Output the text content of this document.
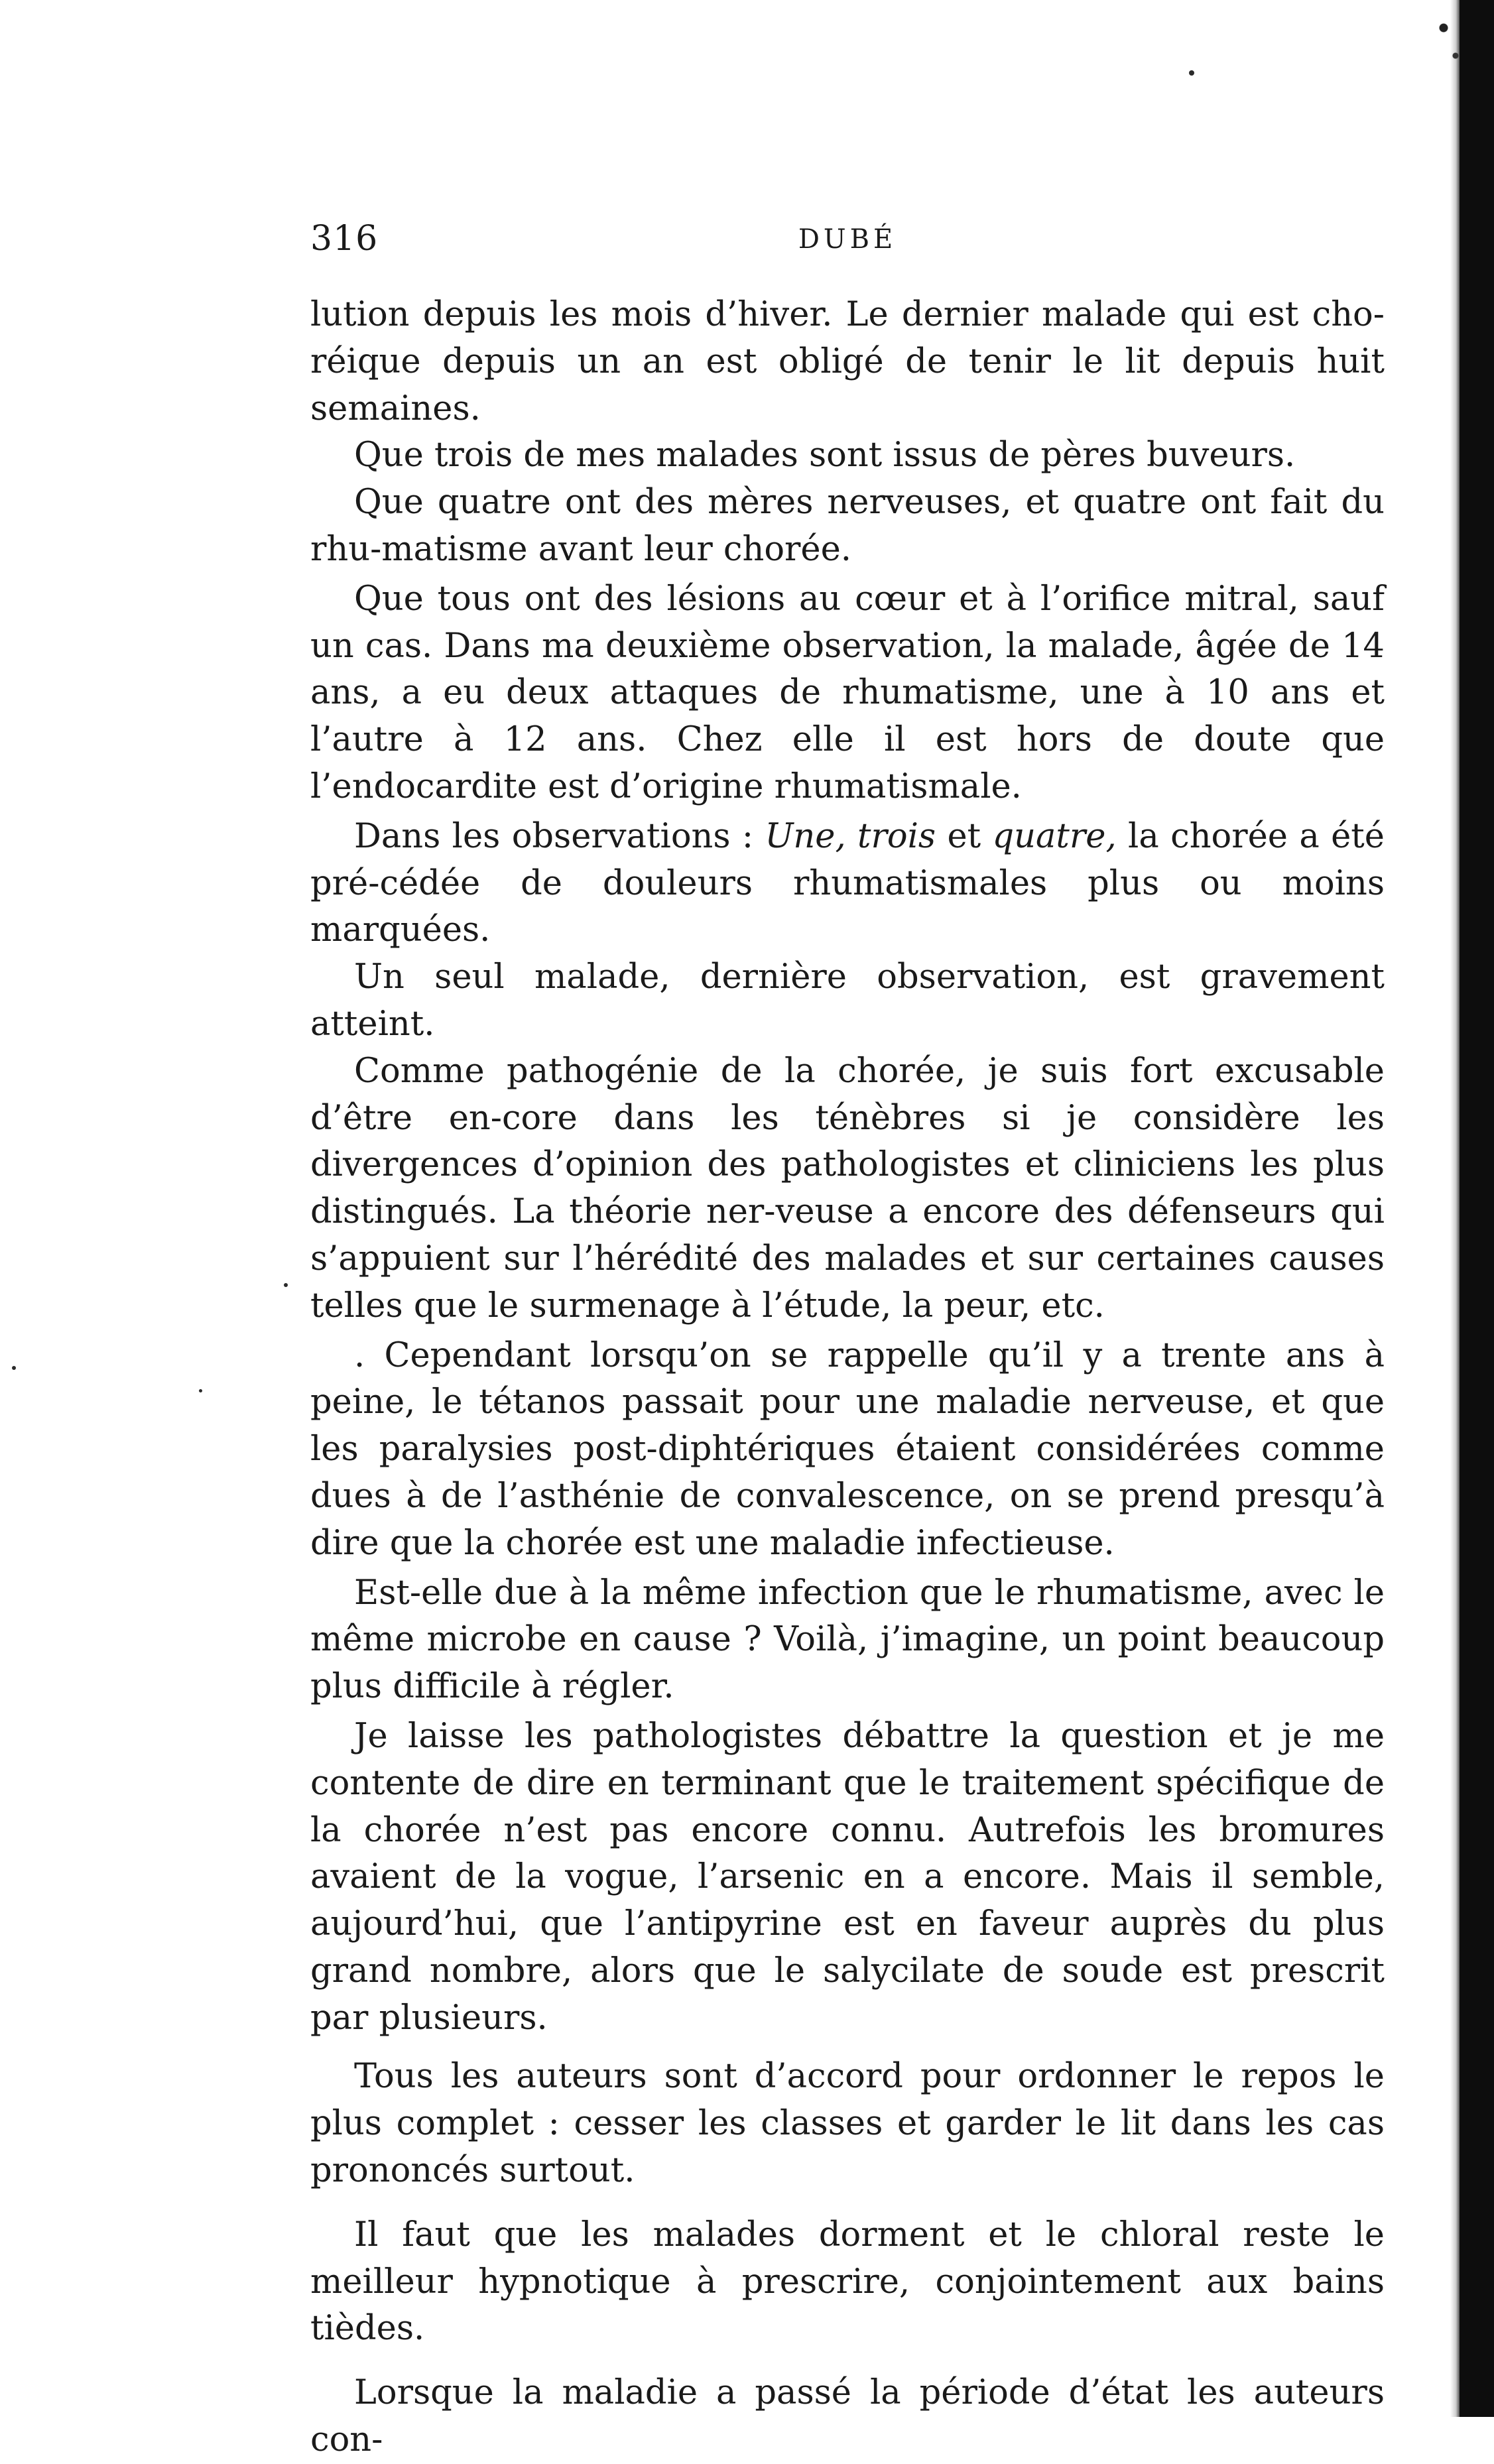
316	DUBÉ

lution depuis les mois d’hiver. Le dernier malade qui est cho-réique depuis un an est obligé de tenir le lit depuis huit semaines.

Que trois de mes malades sont issus de pères buveurs.

Que quatre ont des mères nerveuses, et quatre ont fait du rhu-matisme avant leur chorée.

Que tous ont des lésions au cœur et à l’orifice mitral, sauf un cas. Dans ma deuxième observation, la malade, âgée de 14 ans, a eu deux attaques de rhumatisme, une à 10 ans et l’autre à 12 ans. Chez elle il est hors de doute que l’endocardite est d’origine rhumatismale.

Dans les observations : Une, trois et quatre, la chorée a été pré-cédée de douleurs rhumatismales plus ou moins marquées.

Un seul malade, dernière observation, est gravement atteint.

Comme pathogénie de la chorée, je suis fort excusable d’être en-core dans les ténèbres si je considère les divergences d’opinion des pathologistes et cliniciens les plus distingués. La théorie ner-veuse a encore des défenseurs qui s’appuient sur l’hérédité des malades et sur certaines causes telles que le surmenage à l’étude, la peur, etc.

. Cependant lorsqu’on se rappelle qu’il y a trente ans à peine, le tétanos passait pour une maladie nerveuse, et que les paralysies post-diphtériques étaient considérées comme dues à de l’asthénie de convalescence, on se prend presqu’à dire que la chorée est une maladie infectieuse.

Est-elle due à la même infection que le rhumatisme, avec le même microbe en cause ? Voilà, j’imagine, un point beaucoup plus difficile à régler.

Je laisse les pathologistes débattre la question et je me contente de dire en terminant que le traitement spécifique de la chorée n’est pas encore connu. Autrefois les bromures avaient de la vogue, l’arsenic en a encore. Mais il semble, aujourd’hui, que l’antipyrine est en faveur auprès du plus grand nombre, alors que le salycilate de soude est prescrit par plusieurs.

Tous les auteurs sont d’accord pour ordonner le repos le plus complet : cesser les classes et garder le lit dans les cas prononcés surtout.

Il faut que les malades dorment et le chloral reste le meilleur hypnotique à prescrire, conjointement aux bains tièdes.

Lorsque la maladie a passé la période d’état les auteurs con-
